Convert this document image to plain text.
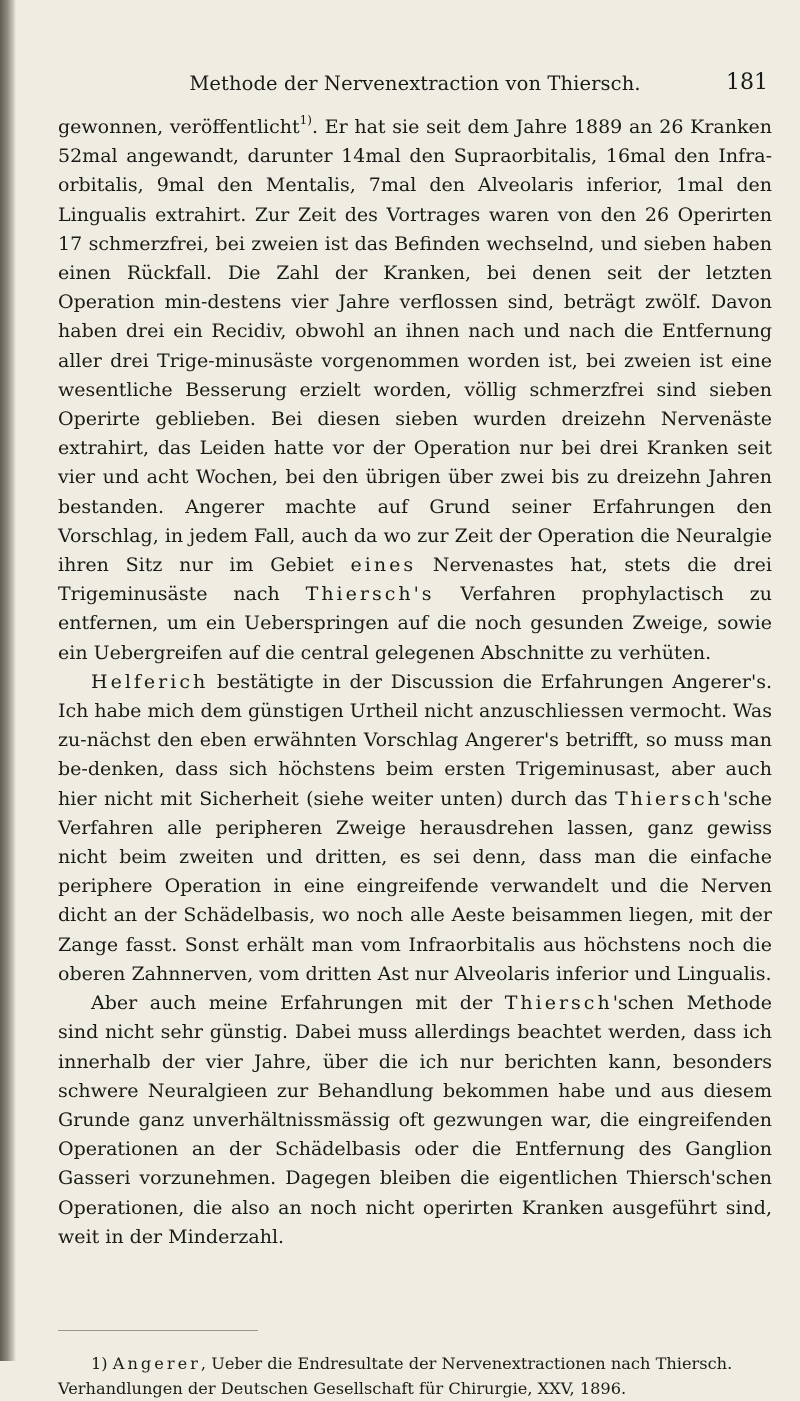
Methode der Nervenextraction von Thiersch.	181

gewonnen, veröffentlicht$^{1)}$. Er hat sie seit dem Jahre 1889 an 26 Kranken 52mal angewandt, darunter 14mal den Supraorbitalis, 16mal den Infra-orbitalis, 9mal den Mentalis, 7mal den Alveolaris inferior, 1mal den Lingualis extrahirt. Zur Zeit des Vortrages waren von den 26 Operirten 17 schmerzfrei, bei zweien ist das Befinden wechselnd, und sieben haben einen Rückfall. Die Zahl der Kranken, bei denen seit der letzten Operation min-destens vier Jahre verflossen sind, beträgt zwölf. Davon haben drei ein Recidiv, obwohl an ihnen nach und nach die Entfernung aller drei Trige-minusäste vorgenommen worden ist, bei zweien ist eine wesentliche Besserung erzielt worden, völlig schmerzfrei sind sieben Operirte geblieben. Bei diesen sieben wurden dreizehn Nervenäste extrahirt, das Leiden hatte vor der Operation nur bei drei Kranken seit vier und acht Wochen, bei den übrigen über zwei bis zu dreizehn Jahren bestanden. Angerer machte auf Grund seiner Erfahrungen den Vorschlag, in jedem Fall, auch da wo zur Zeit der Operation die Neuralgie ihren Sitz nur im Gebiet eines Nervenastes hat, stets die drei Trigeminusäste nach Thiersch's Verfahren prophylactisch zu entfernen, um ein Ueberspringen auf die noch gesunden Zweige, sowie ein Uebergreifen auf die central gelegenen Abschnitte zu verhüten.

Helferich bestätigte in der Discussion die Erfahrungen Angerer's. Ich habe mich dem günstigen Urtheil nicht anzuschliessen vermocht. Was zu-nächst den eben erwähnten Vorschlag Angerer's betrifft, so muss man be-denken, dass sich höchstens beim ersten Trigeminusast, aber auch hier nicht mit Sicherheit (siehe weiter unten) durch das Thiersch'sche Verfahren alle peripheren Zweige herausdrehen lassen, ganz gewiss nicht beim zweiten und dritten, es sei denn, dass man die einfache periphere Operation in eine eingreifende verwandelt und die Nerven dicht an der Schädelbasis, wo noch alle Aeste beisammen liegen, mit der Zange fasst. Sonst erhält man vom Infraorbitalis aus höchstens noch die oberen Zahnnerven, vom dritten Ast nur Alveolaris inferior und Lingualis.

Aber auch meine Erfahrungen mit der Thiersch'schen Methode sind nicht sehr günstig. Dabei muss allerdings beachtet werden, dass ich innerhalb der vier Jahre, über die ich nur berichten kann, besonders schwere Neuralgieen zur Behandlung bekommen habe und aus diesem Grunde ganz unverhältnissmässig oft gezwungen war, die eingreifenden Operationen an der Schädelbasis oder die Entfernung des Ganglion Gasseri vorzunehmen. Dagegen bleiben die eigentlichen Thiersch'schen Operationen, die also an noch nicht operirten Kranken ausgeführt sind, weit in der Minderzahl.

1) Angerer, Ueber die Endresultate der Nervenextractionen nach Thiersch.

Verhandlungen der Deutschen Gesellschaft für Chirurgie, XXV, 1896.
